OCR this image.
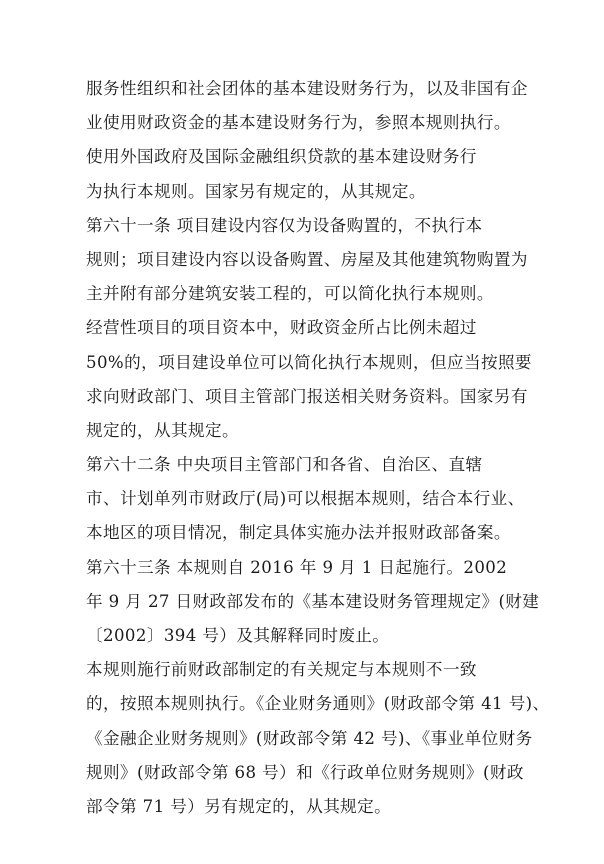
服务性组织和社会团体的基本建设财务行为，以及非国有企
业使用财政资金的基本建设财务行为，参照本规则执行。
使用外国政府及国际金融组织贷款的基本建设财务行
为执行本规则。国家另有规定的，从其规定。
第六十一条 项目建设内容仅为设备购置的，不执行本
规则；项目建设内容以设备购置、房屋及其他建筑物购置为
主并附有部分建筑安装工程的，可以简化执行本规则。
经营性项目的项目资本中，财政资金所占比例未超过
50%的，项目建设单位可以简化执行本规则，但应当按照要
求向财政部门、项目主管部门报送相关财务资料。国家另有
规定的，从其规定。
第六十二条 中央项目主管部门和各省、自治区、直辖
市、计划单列市财政厅(局)可以根据本规则，结合本行业、
本地区的项目情况，制定具体实施办法并报财政部备案。
第六十三条 本规则自 2016 年 9 月 1 日起施行。2002
年 9 月 27 日财政部发布的《基本建设财务管理规定》(财建
〔2002〕394 号）及其解释同时废止。
本规则施行前财政部制定的有关规定与本规则不一致
的，按照本规则执行。《企业财务通则》(财政部令第 41 号)、
《金融企业财务规则》(财政部令第 42 号)、《事业单位财务
规则》(财政部令第 68 号）和《行政单位财务规则》(财政
部令第 71 号）另有规定的，从其规定。
